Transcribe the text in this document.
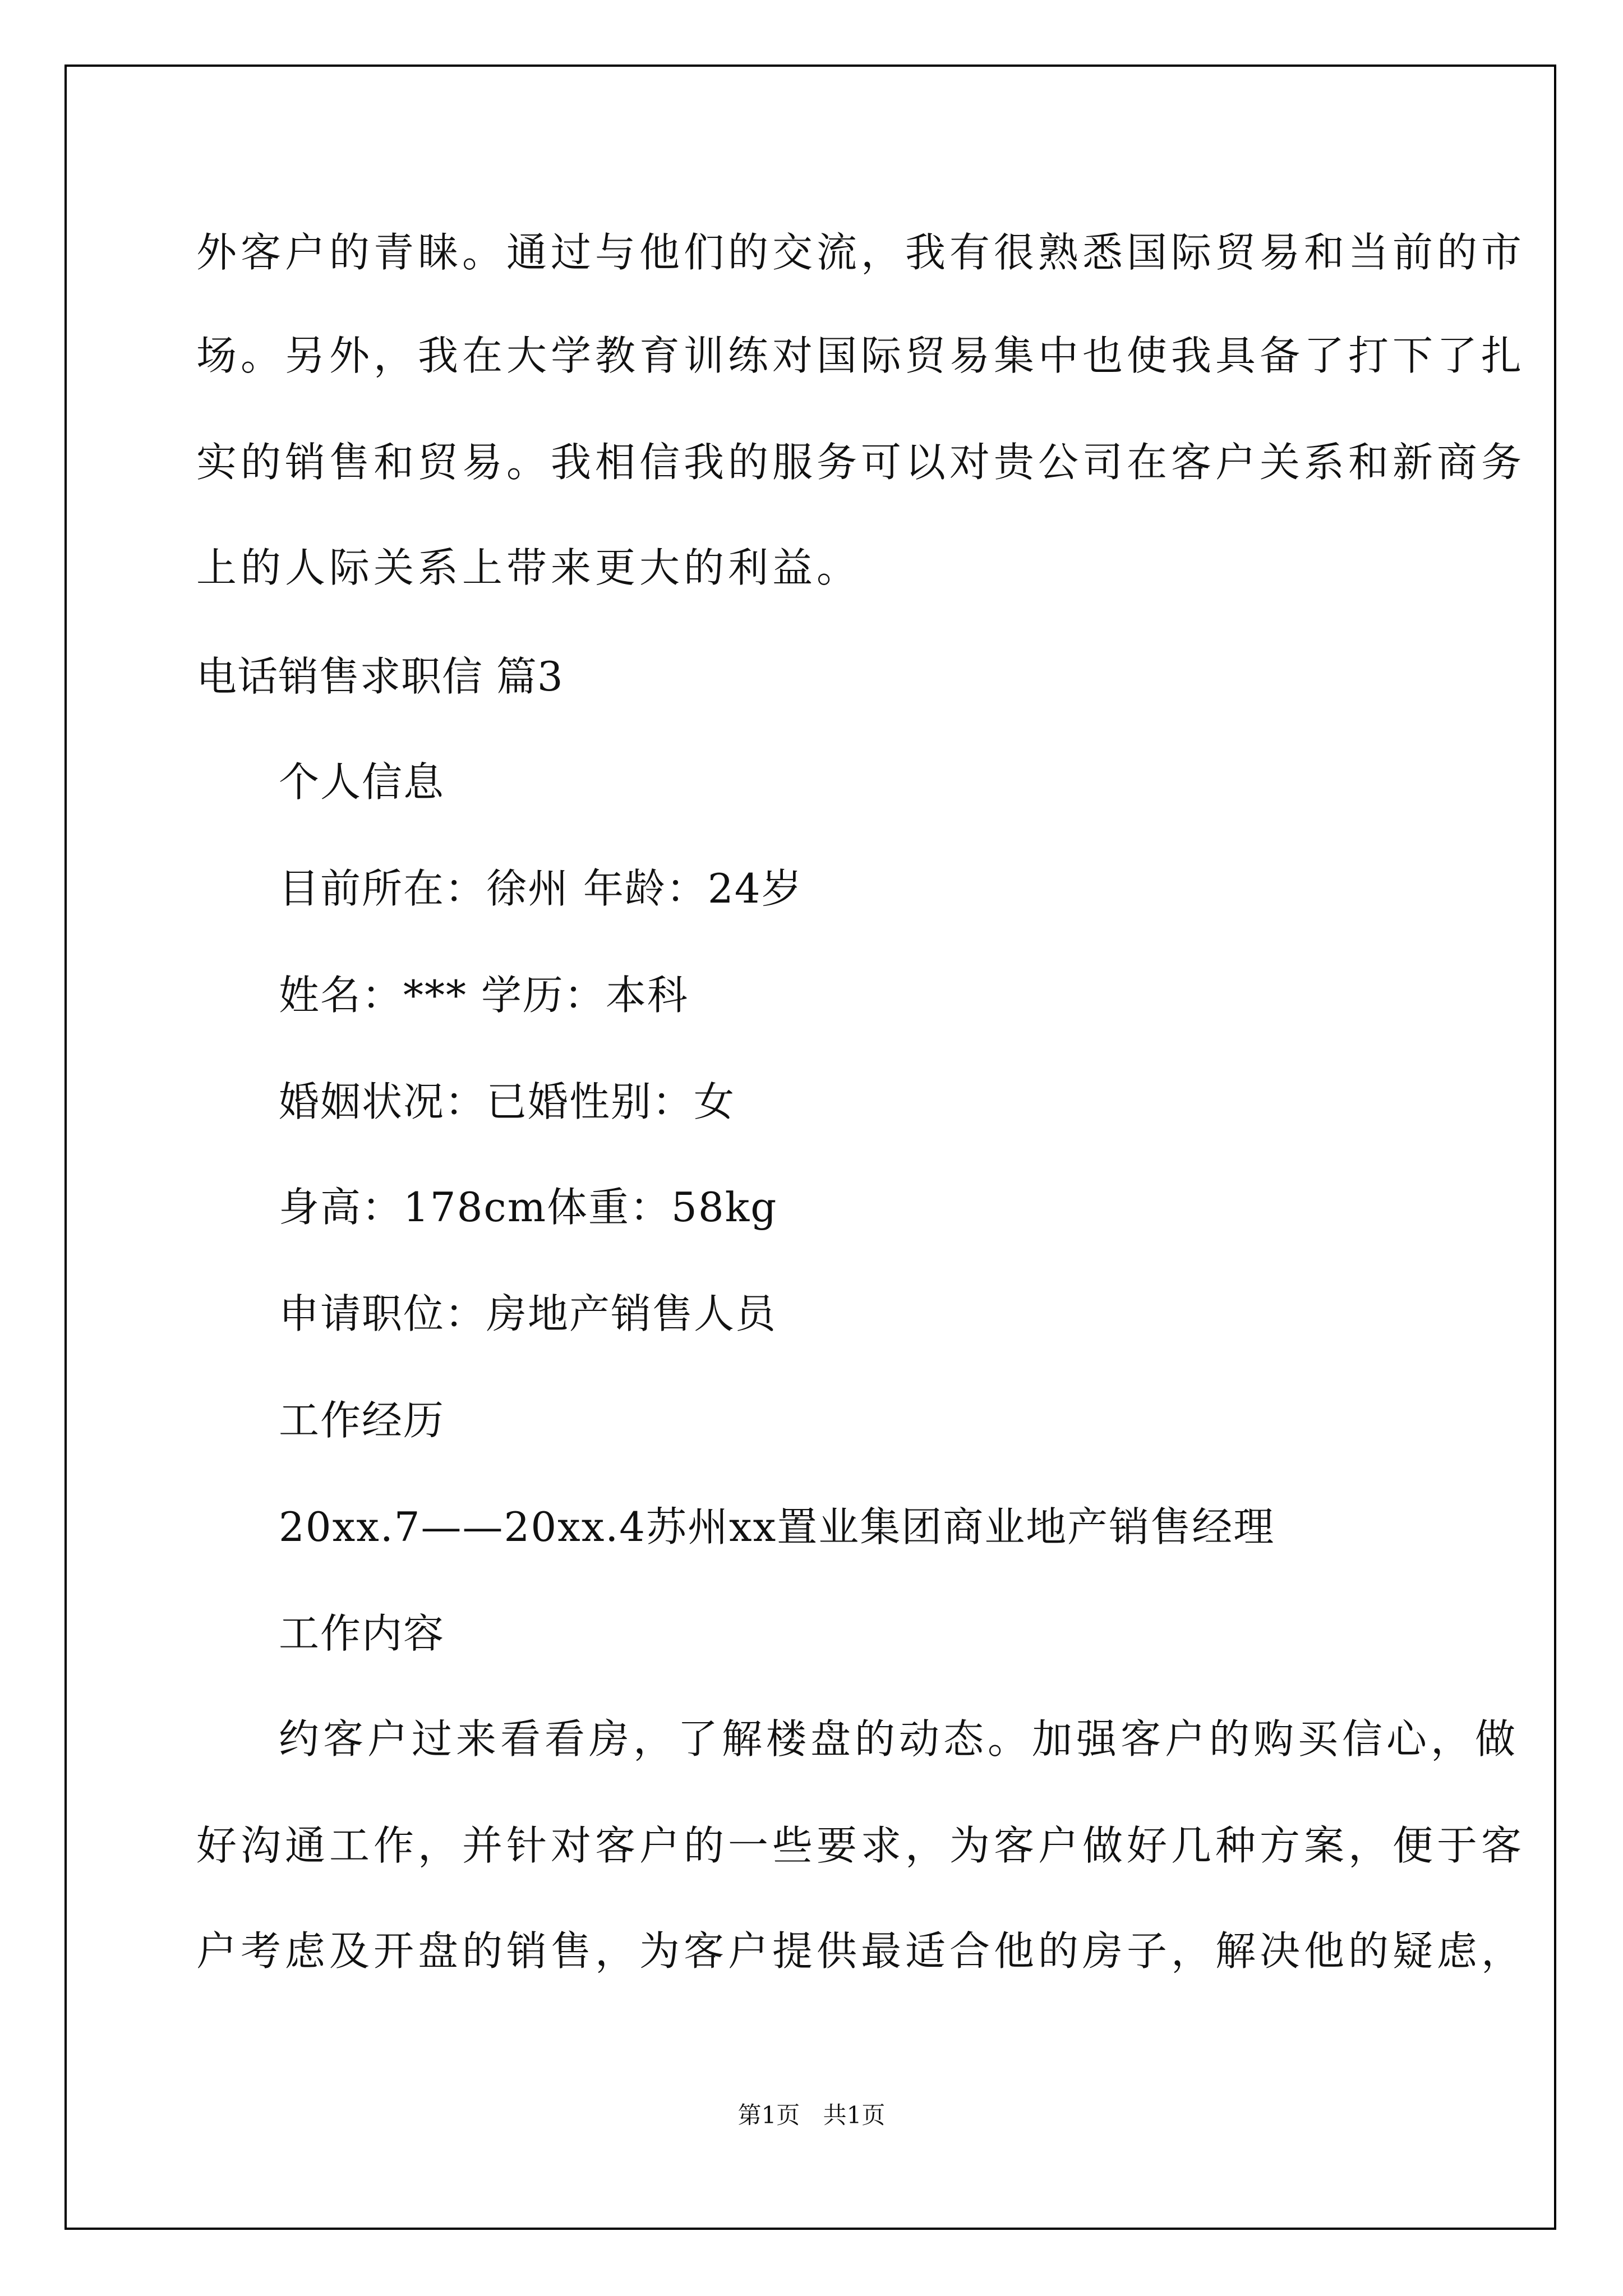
外客户的青睐。通过与他们的交流，我有很熟悉国际贸易和当前的市
场。另外，我在大学教育训练对国际贸易集中也使我具备了打下了扎
实的销售和贸易。我相信我的服务可以对贵公司在客户关系和新商务
上的人际关系上带来更大的利益。
电话销售求职信 篇3
个人信息
目前所在：徐州 年龄：24岁
姓名：*** 学历：本科
婚姻状况：已婚性别：女
身高：178cm体重：58kg
申请职位：房地产销售人员
工作经历
20xx.7——20xx.4苏州xx置业集团商业地产销售经理
工作内容
约客户过来看看房，了解楼盘的动态。加强客户的购买信心，做
好沟通工作，并针对客户的一些要求，为客户做好几种方案，便于客
户考虑及开盘的销售，为客户提供最适合他的房子，解决他的疑虑，
第1页 共1页
